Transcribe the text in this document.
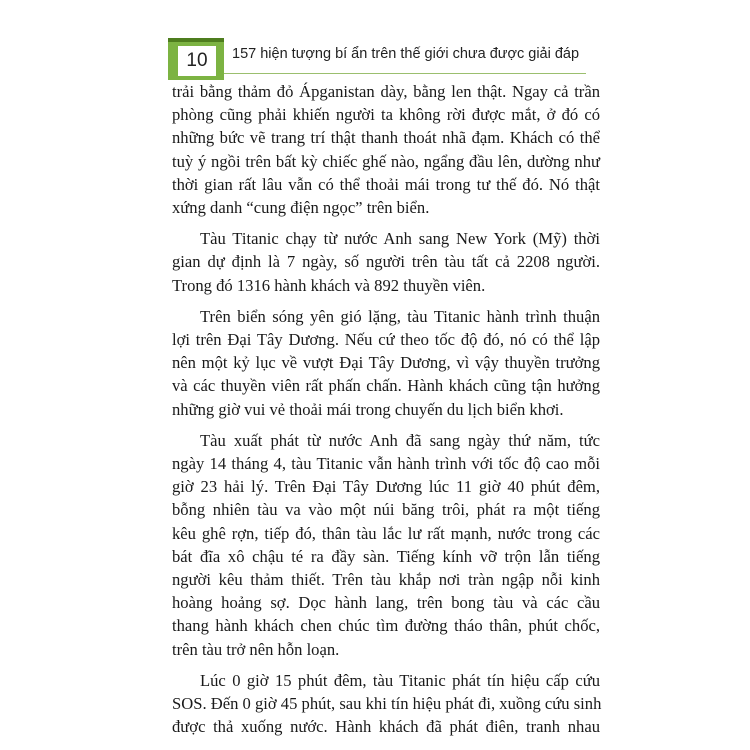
10	157 hiện tượng bí ẩn trên thế giới chưa được giải đáp
trải bằng thảm đỏ Ápganistan dày, bằng len thật. Ngay cả trần
phòng cũng phải khiến người ta không rời được mắt, ở đó có
những bức vẽ trang trí thật thanh thoát nhã đạm. Khách có thể
tuỳ ý ngồi trên bất kỳ chiếc ghế nào, ngẩng đầu lên, dường như
thời gian rất lâu vẫn có thể thoải mái trong tư thế đó. Nó thật
xứng danh “cung điện ngọc” trên biển.
Tàu Titanic chạy từ nước Anh sang New York (Mỹ) thời
gian dự định là 7 ngày, số người trên tàu tất cả 2208 người.
Trong đó 1316 hành khách và 892 thuyền viên.
Trên biển sóng yên gió lặng, tàu Titanic hành trình thuận
lợi trên Đại Tây Dương. Nếu cứ theo tốc độ đó, nó có thể lập
nên một kỷ lục về vượt Đại Tây Dương, vì vậy thuyền trưởng
và các thuyền viên rất phấn chấn. Hành khách cũng tận hưởng
những giờ vui vẻ thoải mái trong chuyến du lịch biển khơi.
Tàu xuất phát từ nước Anh đã sang ngày thứ năm, tức
ngày 14 tháng 4, tàu Titanic vẫn hành trình với tốc độ cao mỗi
giờ 23 hải lý. Trên Đại Tây Dương lúc 11 giờ 40 phút đêm,
bỗng nhiên tàu va vào một núi băng trôi, phát ra một tiếng
kêu ghê rợn, tiếp đó, thân tàu lắc lư rất mạnh, nước trong các
bát đĩa xô chậu té ra đầy sàn. Tiếng kính vỡ trộn lẫn tiếng
người kêu thảm thiết. Trên tàu khắp nơi tràn ngập nỗi kinh
hoàng hoảng sợ. Dọc hành lang, trên bong tàu và các cầu
thang hành khách chen chúc tìm đường tháo thân, phút chốc,
trên tàu trở nên hỗn loạn.
Lúc 0 giờ 15 phút đêm, tàu Titanic phát tín hiệu cấp cứu
SOS. Đến 0 giờ 45 phút, sau khi tín hiệu phát đi, xuồng cứu sinh
được thả xuống nước. Hành khách đã phát điên, tranh nhau
